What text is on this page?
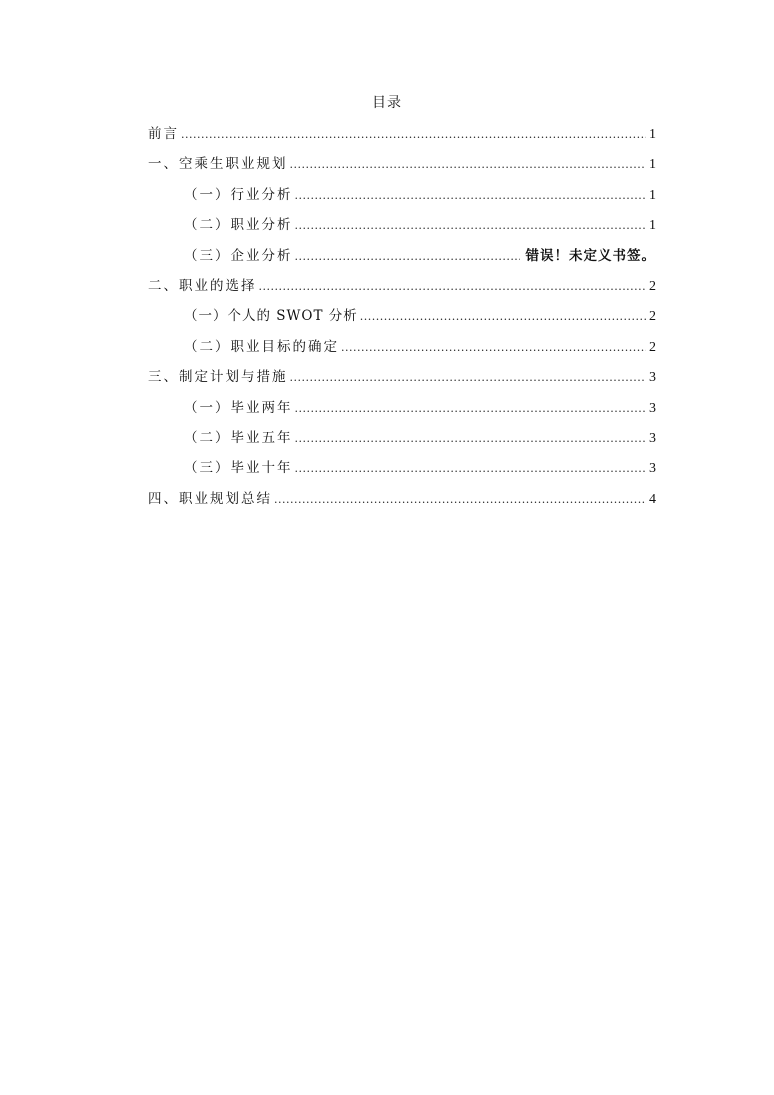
目录
前言 .....	1
一、空乘生职业规划 .....	1
（一）行业分析 .....	1
（二）职业分析 .....	1
（三）企业分析 .....	错误！未定义书签。
二、职业的选择 .....	2
（一）个人的 SWOT 分析 .....	2
（二）职业目标的确定 .....	2
三、制定计划与措施 .....	3
（一）毕业两年 .....	3
（二）毕业五年 .....	3
（三）毕业十年 .....	3
四、职业规划总结 .....	4
